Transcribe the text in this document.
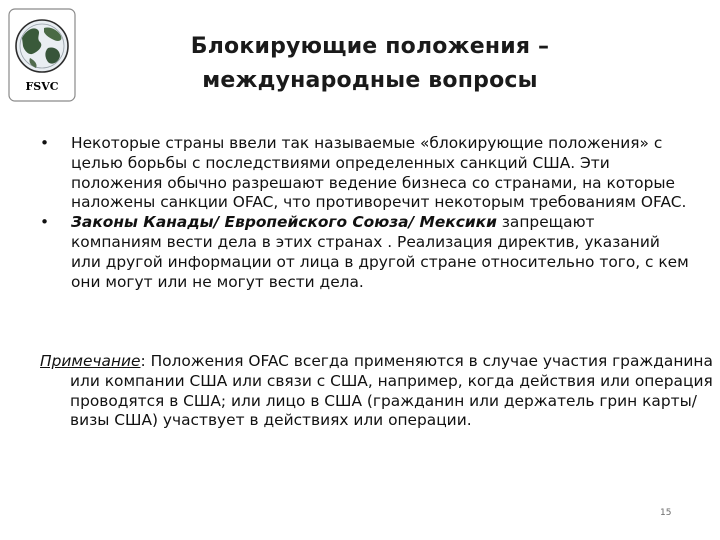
FSVC
Блокирующие положения –
международные вопросы

• Некоторые страны ввели так называемые «блокирующие положения» с целью борьбы с последствиями определенных санкций США. Эти положения обычно разрешают ведение бизнеса со странами, на которые наложены санкции OFAC, что противоречит некоторым требованиям OFAC.

• Законы Канады/ Европейского Союза/ Мексики запрещают компаниям вести дела в этих странах . Реализация директив, указаний или другой информации от лица в другой стране относительно того, с кем они могут или не могут вести дела.

Примечание: Положения OFAC всегда применяются в случае участия гражданина или компании США или связи с США, например, когда действия или операция проводятся в США; или лицо в США (гражданин или держатель грин карты/ визы США) участвует в действиях или операции.

15
